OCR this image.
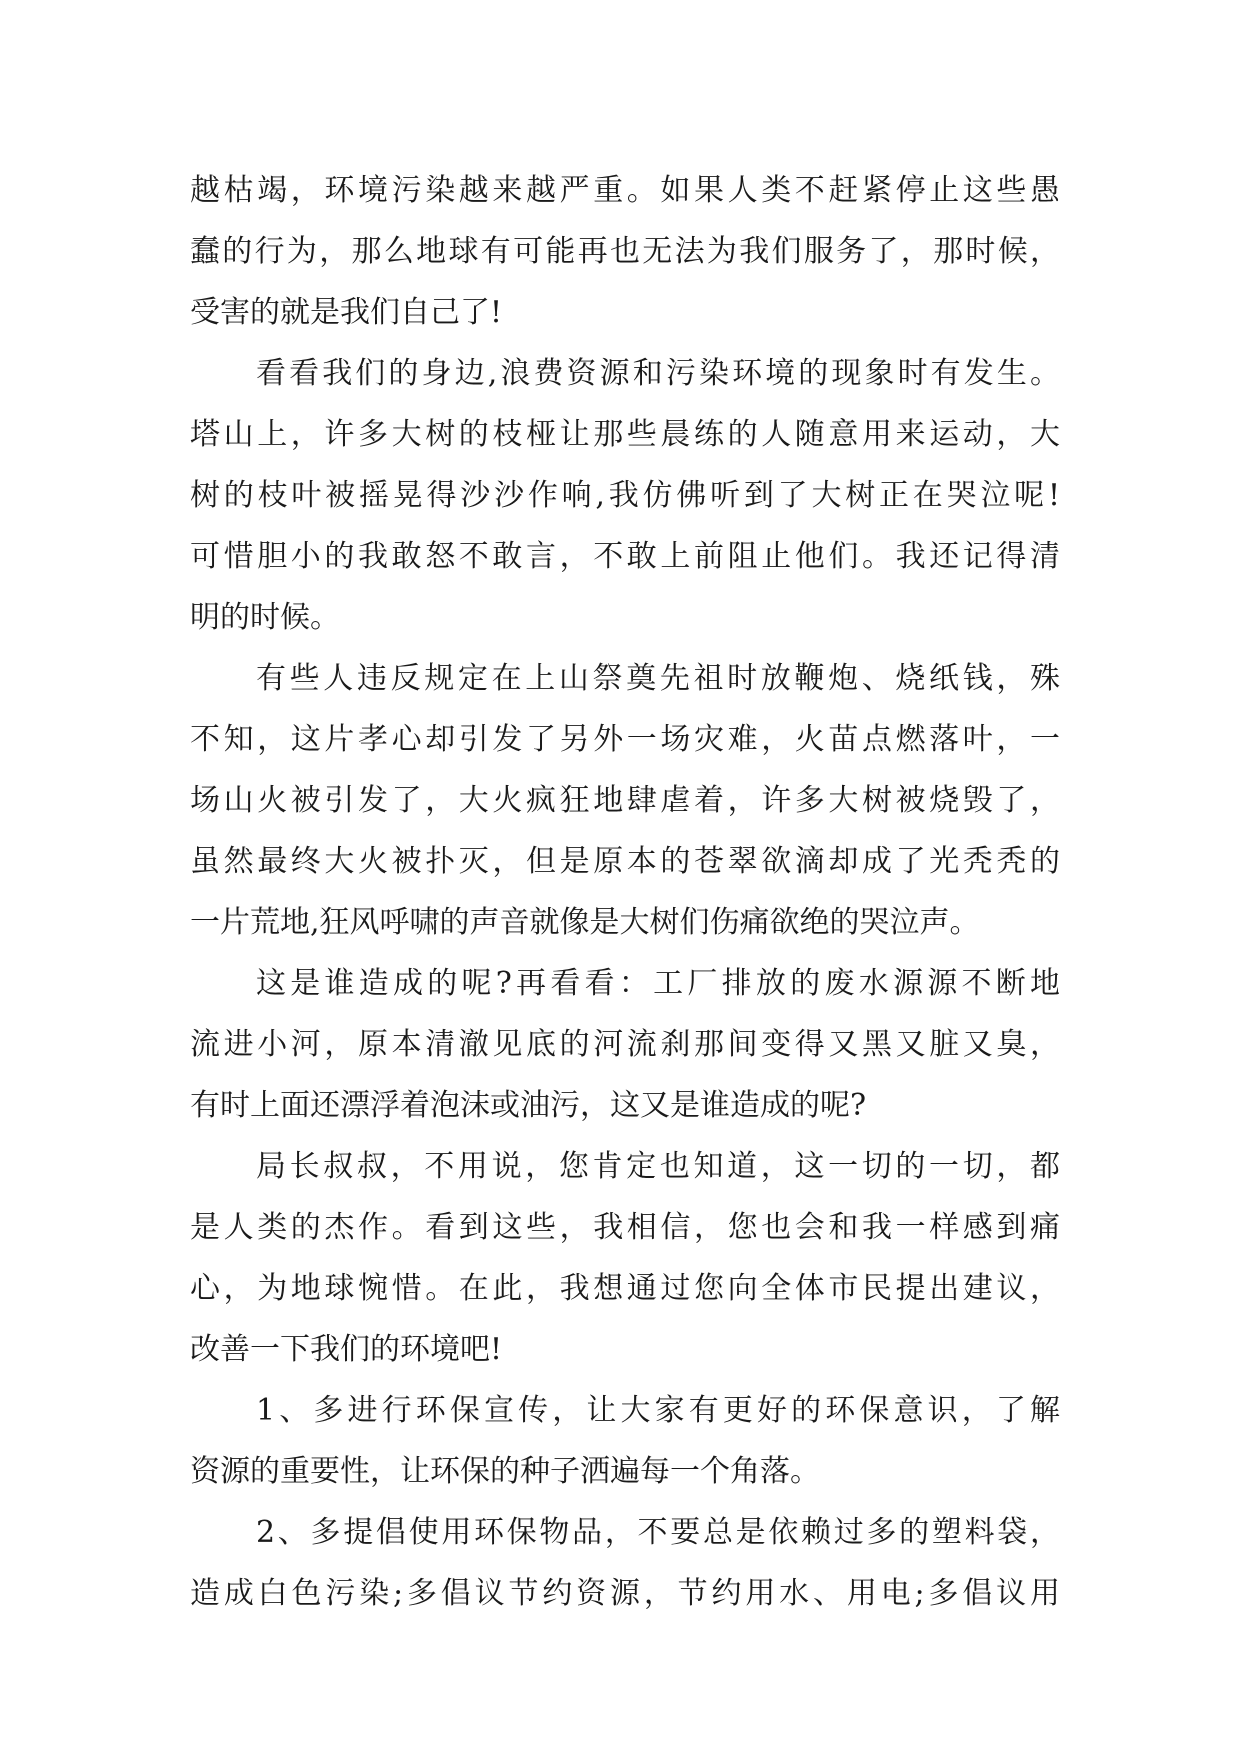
越枯竭，环境污染越来越严重。如果人类不赶紧停止这些愚
蠢的行为，那么地球有可能再也无法为我们服务了，那时候，
受害的就是我们自己了!
看看我们的身边,浪费资源和污染环境的现象时有发生。
塔山上，许多大树的枝桠让那些晨练的人随意用来运动，大
树的枝叶被摇晃得沙沙作响,我仿佛听到了大树正在哭泣呢!
可惜胆小的我敢怒不敢言，不敢上前阻止他们。我还记得清
明的时候。
有些人违反规定在上山祭奠先祖时放鞭炮、烧纸钱，殊
不知，这片孝心却引发了另外一场灾难，火苗点燃落叶，一
场山火被引发了，大火疯狂地肆虐着，许多大树被烧毁了，
虽然最终大火被扑灭，但是原本的苍翠欲滴却成了光秃秃的
一片荒地,狂风呼啸的声音就像是大树们伤痛欲绝的哭泣声。
这是谁造成的呢?再看看：工厂排放的废水源源不断地
流进小河，原本清澈见底的河流刹那间变得又黑又脏又臭，
有时上面还漂浮着泡沫或油污，这又是谁造成的呢?
局长叔叔，不用说，您肯定也知道，这一切的一切，都
是人类的杰作。看到这些，我相信，您也会和我一样感到痛
心，为地球惋惜。在此，我想通过您向全体市民提出建议，
改善一下我们的环境吧!
1、多进行环保宣传，让大家有更好的环保意识，了解
资源的重要性，让环保的种子洒遍每一个角落。
2、多提倡使用环保物品，不要总是依赖过多的塑料袋，
造成白色污染;多倡议节约资源，节约用水、用电;多倡议用
